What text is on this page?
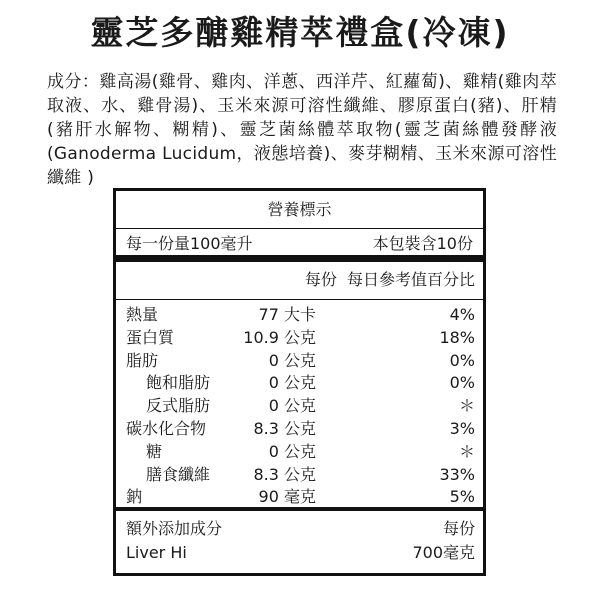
靈芝多醣雞精萃禮盒(冷凍)
成分：雞高湯(雞骨、雞肉、洋蔥、西洋芹、紅蘿蔔)、雞精(雞肉萃取液、水、雞骨湯)、玉米來源可溶性纖維、膠原蛋白(豬)、肝精(豬肝水解物、糊精)、靈芝菌絲體萃取物(靈芝菌絲體發酵液(Ganoderma Lucidum，液態培養)、麥芽糊精、玉米來源可溶性纖維 )
營養標示
每一份量100毫升	本包裝含10份
每份  每日參考值百分比
熱量	77 大卡	4%
蛋白質	10.9 公克	18%
脂肪	0 公克	0%
飽和脂肪	0 公克	0%
反式脂肪	0 公克	＊
碳水化合物	8.3 公克	3%
糖	0 公克	＊
膳食纖維	8.3 公克	33%
鈉	90 毫克	5%
額外添加成分	每份
Liver Hi	700毫克
